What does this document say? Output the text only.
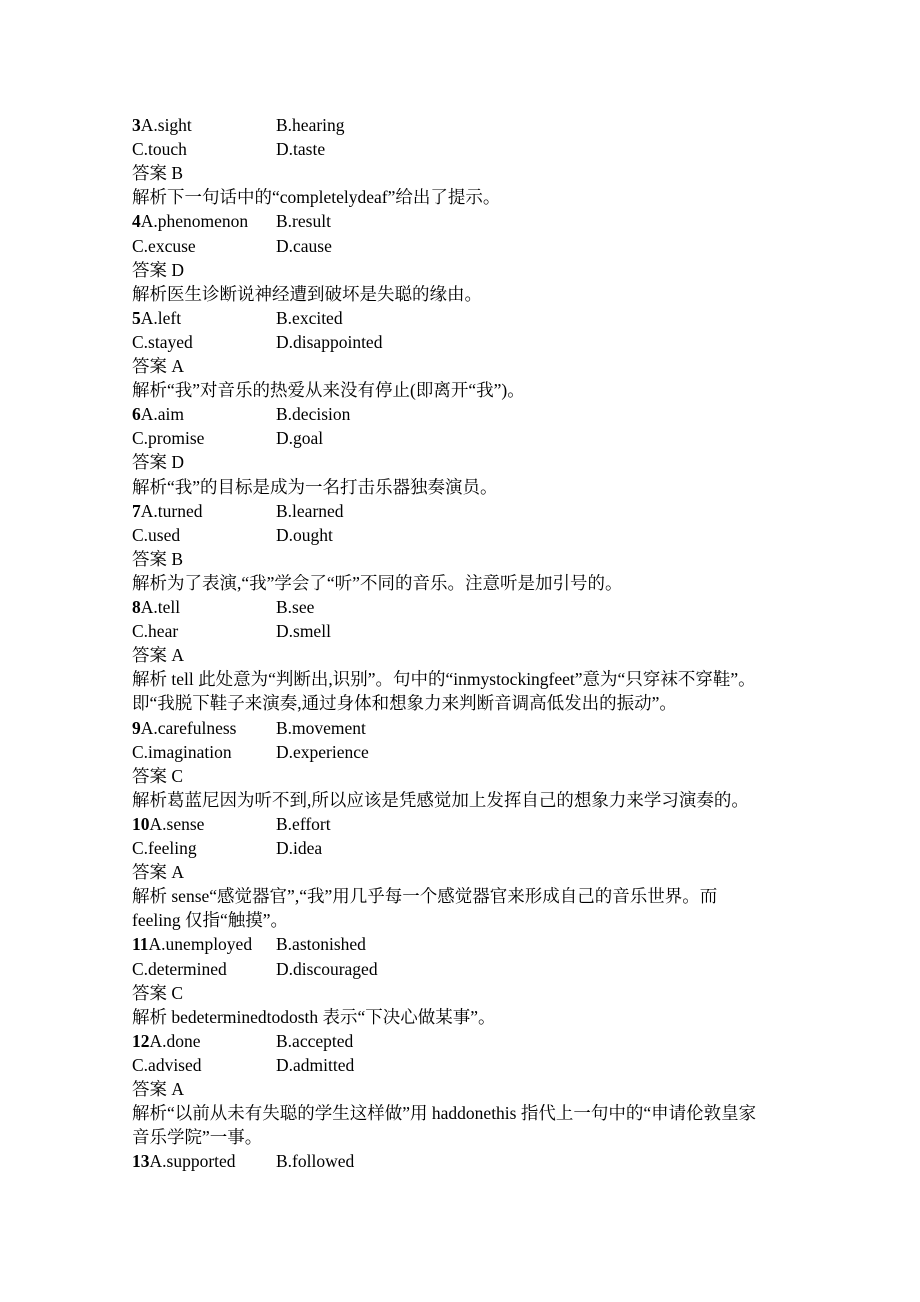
3A.sight	B.hearing
C.touch	D.taste
答案 B
解析下一句话中的“completelydeaf”给出了提示。
4A.phenomenon B.result
C.excuse	D.cause
答案 D
解析医生诊断说神经遭到破坏是失聪的缘由。
5A.left	B.excited
C.stayed	D.disappointed
答案 A
解析“我”对音乐的热爱从来没有停止(即离开“我”)。
6A.aim	B.decision
C.promise	D.goal
答案 D
解析“我”的目标是成为一名打击乐器独奏演员。
7A.turned	B.learned
C.used	D.ought
答案 B
解析为了表演,“我”学会了“听”不同的音乐。注意听是加引号的。
8A.tell	B.see
C.hear	D.smell
答案 A
解析 tell 此处意为“判断出,识别”。句中的“inmystockingfeet”意为“只穿袜不穿鞋”。
即“我脱下鞋子来演奏,通过身体和想象力来判断音调高低发出的振动”。
9A.carefulness B.movement
C.imagination	D.experience
答案 C
解析葛蓝尼因为听不到,所以应该是凭感觉加上发挥自己的想象力来学习演奏的。
10A.sense	B.effort
C.feeling	D.idea
答案 A
解析 sense“感觉器官”,“我”用几乎每一个感觉器官来形成自己的音乐世界。而
feeling 仅指“触摸”。
11A.unemployed B.astonished
C.determined	D.discouraged
答案 C
解析 bedeterminedtodosth 表示“下决心做某事”。
12A.done	B.accepted
C.advised	D.admitted
答案 A
解析“以前从未有失聪的学生这样做”用 haddonethis 指代上一句中的“申请伦敦皇家
音乐学院”一事。
13A.supported B.followed
